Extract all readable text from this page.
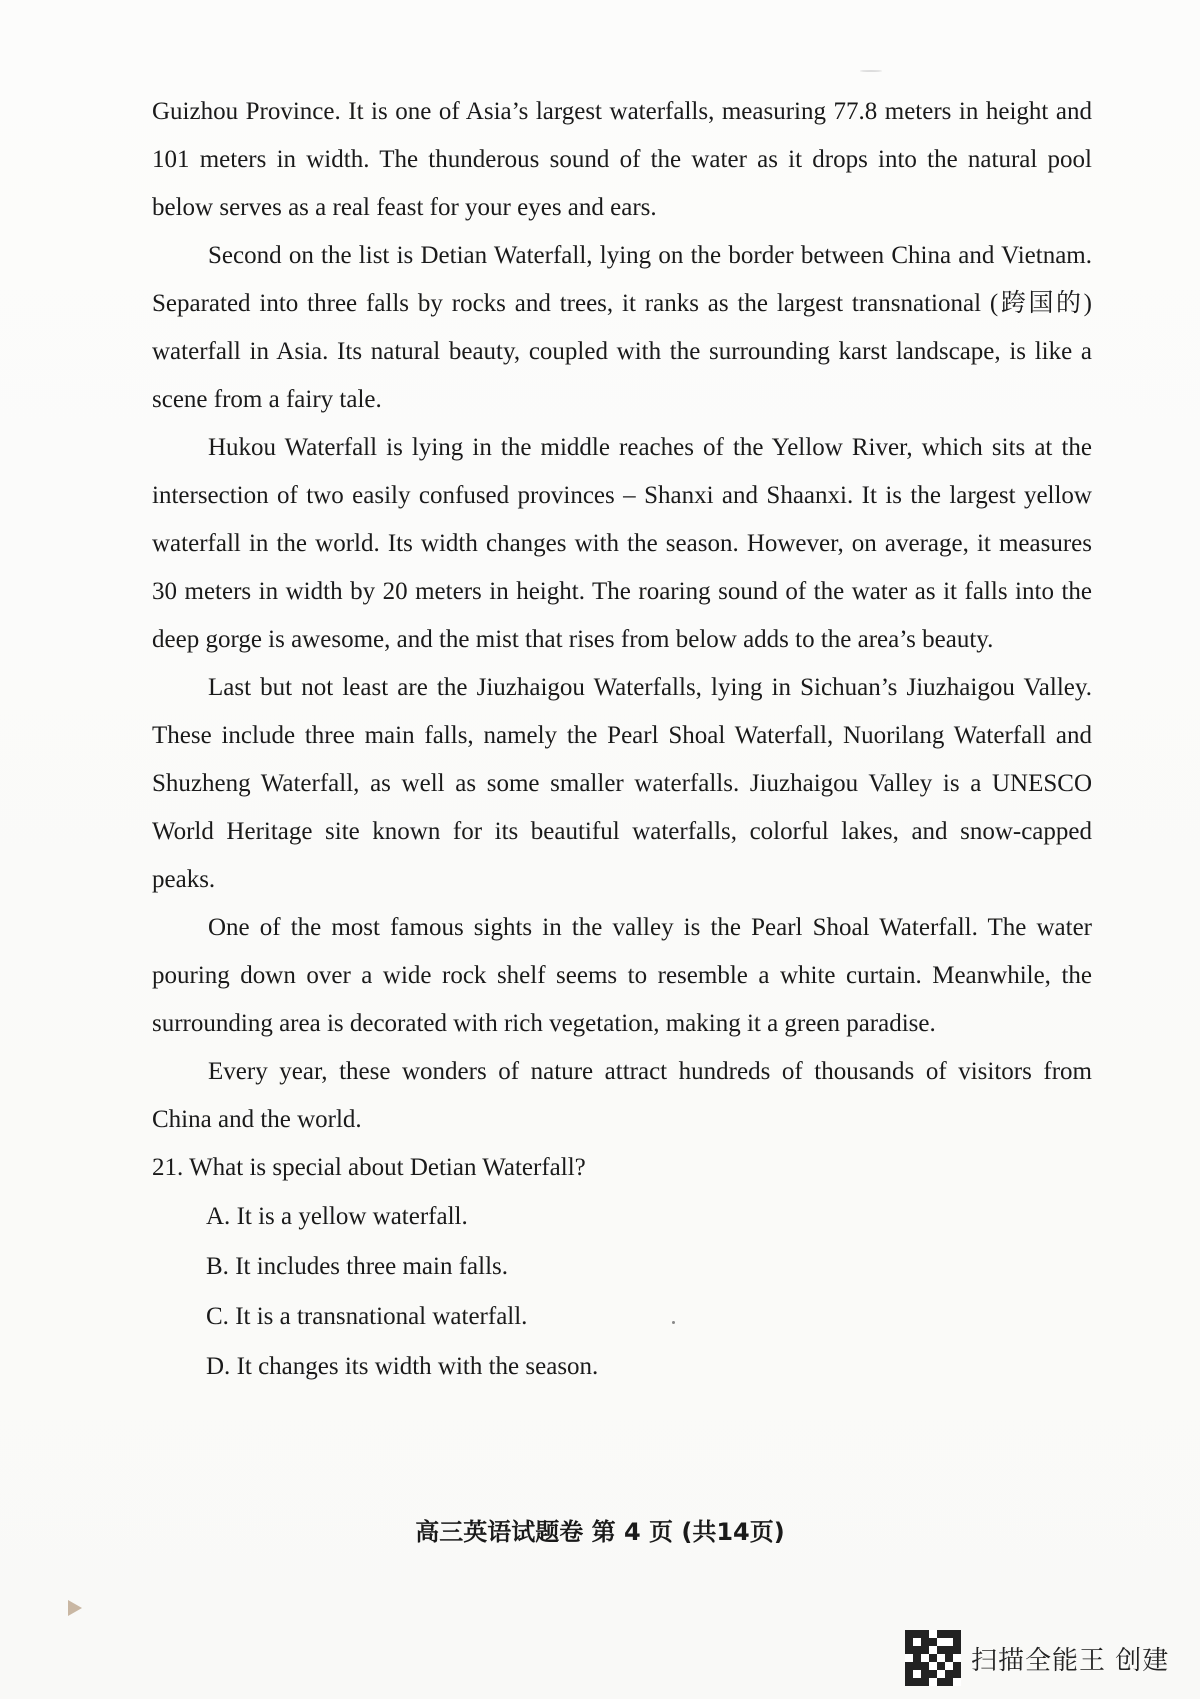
Guizhou Province. It is one of Asia’s largest waterfalls, measuring 77.8 meters in height and 101 meters in width. The thunderous sound of the water as it drops into the natural pool below serves as a real feast for your eyes and ears.

Second on the list is Detian Waterfall, lying on the border between China and Vietnam. Separated into three falls by rocks and trees, it ranks as the largest transnational (跨国的) waterfall in Asia. Its natural beauty, coupled with the surrounding karst landscape, is like a scene from a fairy tale.

Hukou Waterfall is lying in the middle reaches of the Yellow River, which sits at the intersection of two easily confused provinces – Shanxi and Shaanxi. It is the largest yellow waterfall in the world. Its width changes with the season. However, on average, it measures 30 meters in width by 20 meters in height. The roaring sound of the water as it falls into the deep gorge is awesome, and the mist that rises from below adds to the area’s beauty.

Last but not least are the Jiuzhaigou Waterfalls, lying in Sichuan’s Jiuzhaigou Valley. These include three main falls, namely the Pearl Shoal Waterfall, Nuorilang Waterfall and Shuzheng Waterfall, as well as some smaller waterfalls. Jiuzhaigou Valley is a UNESCO World Heritage site known for its beautiful waterfalls, colorful lakes, and snow-capped peaks.

One of the most famous sights in the valley is the Pearl Shoal Waterfall. The water pouring down over a wide rock shelf seems to resemble a white curtain. Meanwhile, the surrounding area is decorated with rich vegetation, making it a green paradise.

Every year, these wonders of nature attract hundreds of thousands of visitors from China and the world.

21. What is special about Detian Waterfall?

A. It is a yellow waterfall.

B. It includes three main falls.

C. It is a transnational waterfall.

D. It changes its width with the season.

高三英语试题卷 第 4 页 (共14页)
扫描全能王 创建
